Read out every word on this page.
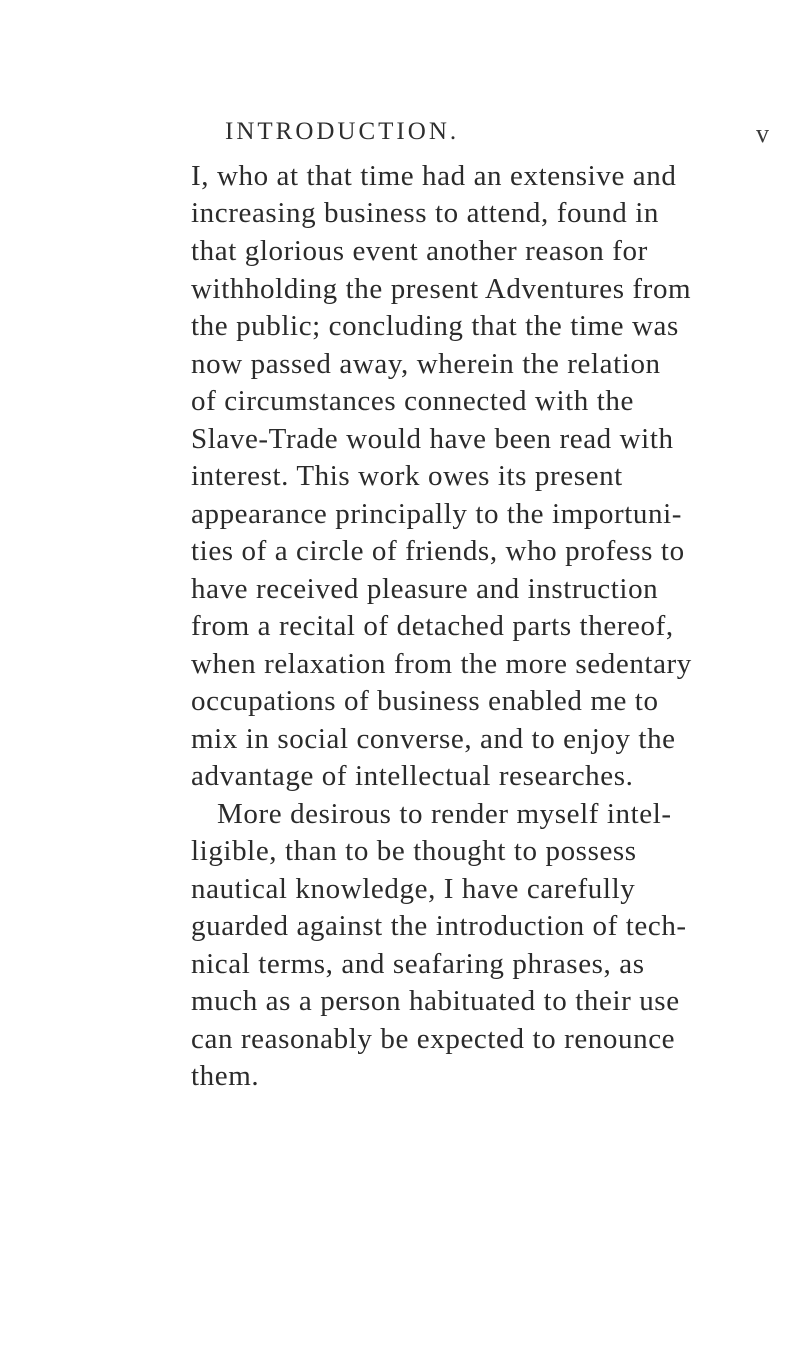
INTRODUCTION.	v
I, who at that time had an extensive and
increasing business to attend, found in
that glorious event another reason for
withholding the present Adventures from
the public; concluding that the time was
now passed away, wherein the relation
of circumstances connected with the
Slave-Trade would have been read with
interest. This work owes its present
appearance principally to the importuni-
ties of a circle of friends, who profess to
have received pleasure and instruction
from a recital of detached parts thereof,
when relaxation from the more sedentary
occupations of business enabled me to
mix in social converse, and to enjoy the
advantage of intellectual researches.
More desirous to render myself intel-
ligible, than to be thought to possess
nautical knowledge, I have carefully
guarded against the introduction of tech-
nical terms, and seafaring phrases, as
much as a person habituated to their use
can reasonably be expected to renounce
them.
